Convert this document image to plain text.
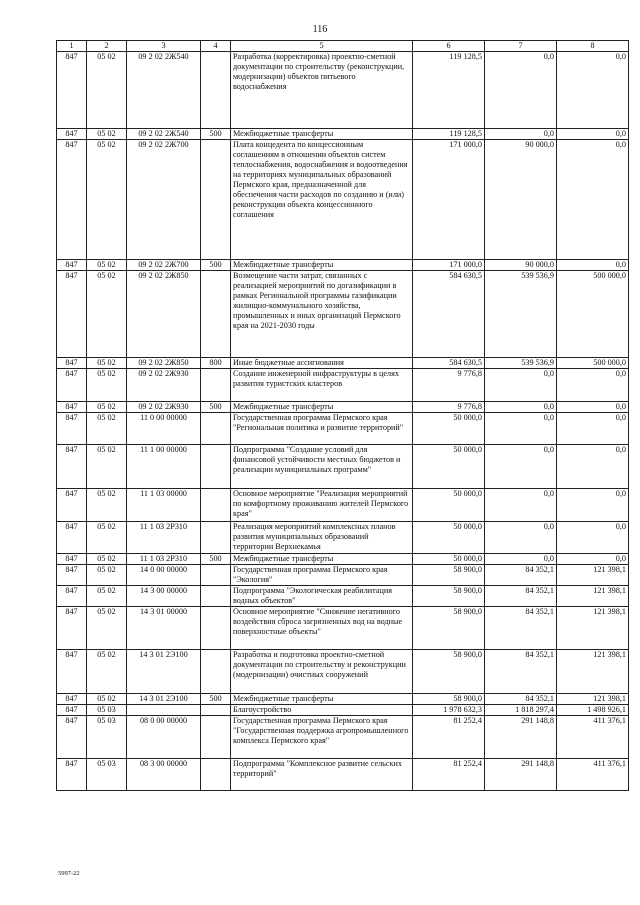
116
1	2	3	4	5	6	7	8
847	05 02	09 2 02 2Ж540		Разработка (корректировка) проектно-сметной документации по строительству (реконструкции, модернизации) объектов питьевого водоснабжения	119 128,5	0,0	0,0
847	05 02	09 2 02 2Ж540	500	Межбюджетные трансферты	119 128,5	0,0	0,0
847	05 02	09 2 02 2Ж700		Плата концедента по концессионным соглашениям в отношении объектов систем теплоснабжения, водоснабжения и водоотведения на территориях муниципальных образований Пермского края, предназначенной для обеспечения части расходов по созданию и (или) реконструкции объекта концессионного соглашения	171 000,0	90 000,0	0,0
847	05 02	09 2 02 2Ж700	500	Межбюджетные трансферты	171 000,0	90 000,0	0,0
847	05 02	09 2 02 2Ж850		Возмещение части затрат, связанных с реализацией мероприятий по догазификации в рамках Региональной программы газификации жилищно-коммунального хозяйства, промышленных и иных организаций Пермского края на 2021-2030 годы	584 630,5	539 536,9	500 000,0
847	05 02	09 2 02 2Ж850	800	Иные бюджетные ассигнования	584 630,5	539 536,9	500 000,0
847	05 02	09 2 02 2Ж930		Создание инженерной инфраструктуры в целях развития туристских кластеров	9 776,8	0,0	0,0
847	05 02	09 2 02 2Ж930	500	Межбюджетные трансферты	9 776,8	0,0	0,0
847	05 02	11 0 00 00000		Государственная программа Пермского края "Региональная политика и развитие территорий"	50 000,0	0,0	0,0
847	05 02	11 1 00 00000		Подпрограмма "Создание условий для финансовой устойчивости местных бюджетов и реализации муниципальных программ"	50 000,0	0,0	0,0
847	05 02	11 1 03 00000		Основное мероприятие "Реализация мероприятий по комфортному проживанию жителей Пермского края"	50 000,0	0,0	0,0
847	05 02	11 1 03 2Р310		Реализация мероприятий комплексных планов развития муниципальных образований территории Верхнекамья	50 000,0	0,0	0,0
847	05 02	11 1 03 2Р310	500	Межбюджетные трансферты	50 000,0	0,0	0,0
847	05 02	14 0 00 00000		Государственная программа Пермского края "Экология"	58 900,0	84 352,1	121 398,1
847	05 02	14 3 00 00000		Подпрограмма "Экологическая реабилитация водных объектов"	58 900,0	84 352,1	121 398,1
847	05 02	14 3 01 00000		Основное мероприятие "Снижение негативного воздействия сброса загрязненных вод на водные поверхностные объекты"	58 900,0	84 352,1	121 398,1
847	05 02	14 3 01 2Э100		Разработка и подготовка проектно-сметной документации по строительству и реконструкции (модернизации) очистных сооружений	58 900,0	84 352,1	121 398,1
847	05 02	14 3 01 2Э100	500	Межбюджетные трансферты	58 900,0	84 352,1	121 398,1
847	05 03			Благоустройство	1 978 632,3	1 818 297,4	1 498 926,1
847	05 03	08 0 00 00000		Государственная программа Пермского края "Государственная поддержка агропромышленного комплекса Пермского края"	81 252,4	291 148,8	411 376,1
847	05 03	08 3 00 00000		Подпрограмма "Комплексное развитие сельских территорий"	81 252,4	291 148,8	411 376,1
5997-22
